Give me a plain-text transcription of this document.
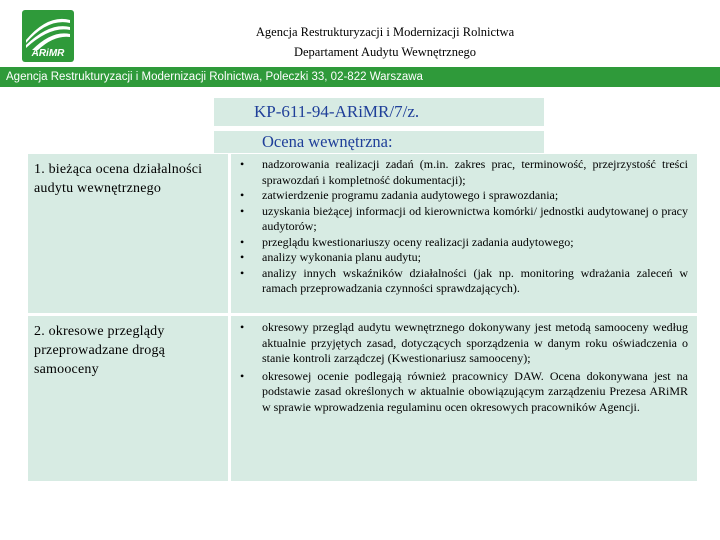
ARiMR
Agencja Restrukturyzacji i Modernizacji Rolnictwa
Departament Audytu Wewnętrznego
Agencja Restrukturyzacji i Modernizacji Rolnictwa, Poleczki 33, 02-822 Warszawa
KP-611-94-ARiMR/7/z.
Ocena wewnętrzna:
1. bieżąca ocena działalności audytu wewnętrznego
• nadzorowania realizacji zadań (m.in. zakres prac, terminowość, przejrzystość treści sprawozdań i kompletność dokumentacji);
• zatwierdzenie programu zadania audytowego i sprawozdania;
• uzyskania bieżącej informacji od kierownictwa komórki/ jednostki audytowanej o pracy audytorów;
• przeglądu kwestionariuszy oceny realizacji zadania audytowego;
• analizy wykonania planu audytu;
• analizy innych wskaźników działalności (jak np. monitoring wdrażania zaleceń w ramach przeprowadzania czynności sprawdzających).
2. okresowe przeglądy przeprowadzane drogą samooceny
• okresowy przegląd audytu wewnętrznego dokonywany jest metodą samooceny według aktualnie przyjętych zasad, dotyczących sporządzenia w danym roku oświadczenia o stanie kontroli zarządczej (Kwestionariusz samooceny);
• okresowej ocenie podlegają również pracownicy DAW. Ocena dokonywana jest na podstawie zasad określonych w aktualnie obowiązującym zarządzeniu Prezesa ARiMR w sprawie wprowadzenia regulaminu ocen okresowych pracowników Agencji.
